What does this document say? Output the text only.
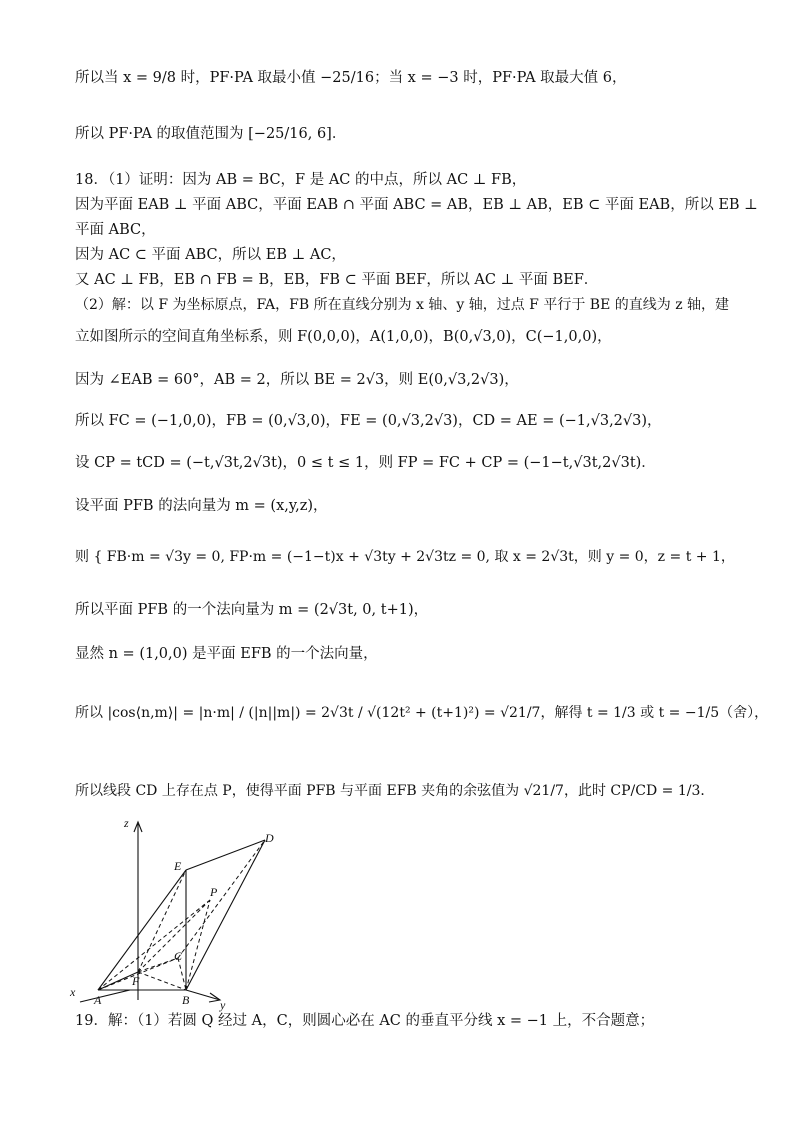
所以当 x = 9/8 时，PF·PA 取最小值 −25/16；当 x = −3 时，PF·PA 取最大值 6，
所以 PF·PA 的取值范围为 [−25/16, 6]．
18．（1）证明：因为 AB = BC，F 是 AC 的中点，所以 AC ⊥ FB，
因为平面 EAB ⊥ 平面 ABC，平面 EAB ∩ 平面 ABC = AB，EB ⊥ AB，EB ⊂ 平面 EAB，所以 EB ⊥
平面 ABC，
因为 AC ⊂ 平面 ABC，所以 EB ⊥ AC，
又 AC ⊥ FB，EB ∩ FB = B，EB，FB ⊂ 平面 BEF，所以 AC ⊥ 平面 BEF．
（2）解：以 F 为坐标原点，FA，FB 所在直线分别为 x 轴、y 轴，过点 F 平行于 BE 的直线为 z 轴，建
立如图所示的空间直角坐标系，则 F(0,0,0)，A(1,0,0)，B(0,√3,0)，C(−1,0,0)，
因为 ∠EAB = 60°，AB = 2，所以 BE = 2√3，则 E(0,√3,2√3)，
所以 FC = (−1,0,0)，FB = (0,√3,0)，FE = (0,√3,2√3)，CD = AE = (−1,√3,2√3)，
设 CP = tCD = (−t,√3t,2√3t)，0 ≤ t ≤ 1，则 FP = FC + CP = (−1−t,√3t,2√3t)．
设平面 PFB 的法向量为 m = (x,y,z)，
则 { FB·m = √3y = 0, FP·m = (−1−t)x + √3ty + 2√3tz = 0, 取 x = 2√3t，则 y = 0，z = t + 1，
所以平面 PFB 的一个法向量为 m = (2√3t, 0, t+1)，
显然 n = (1,0,0) 是平面 EFB 的一个法向量，
所以 |cos⟨n,m⟩| = |n·m| / (|n||m|) = 2√3t / √(12t² + (t+1)²) = √21/7，解得 t = 1/3 或 t = −1/5（舍），
所以线段 CD 上存在点 P，使得平面 PFB 与平面 EFB 夹角的余弦值为 √21/7，此时 CP/CD = 1/3．
z
D
E
P
C
F
x
A	B	y
19．解：（1）若圆 Q 经过 A，C，则圆心必在 AC 的垂直平分线 x = −1 上，不合题意；
